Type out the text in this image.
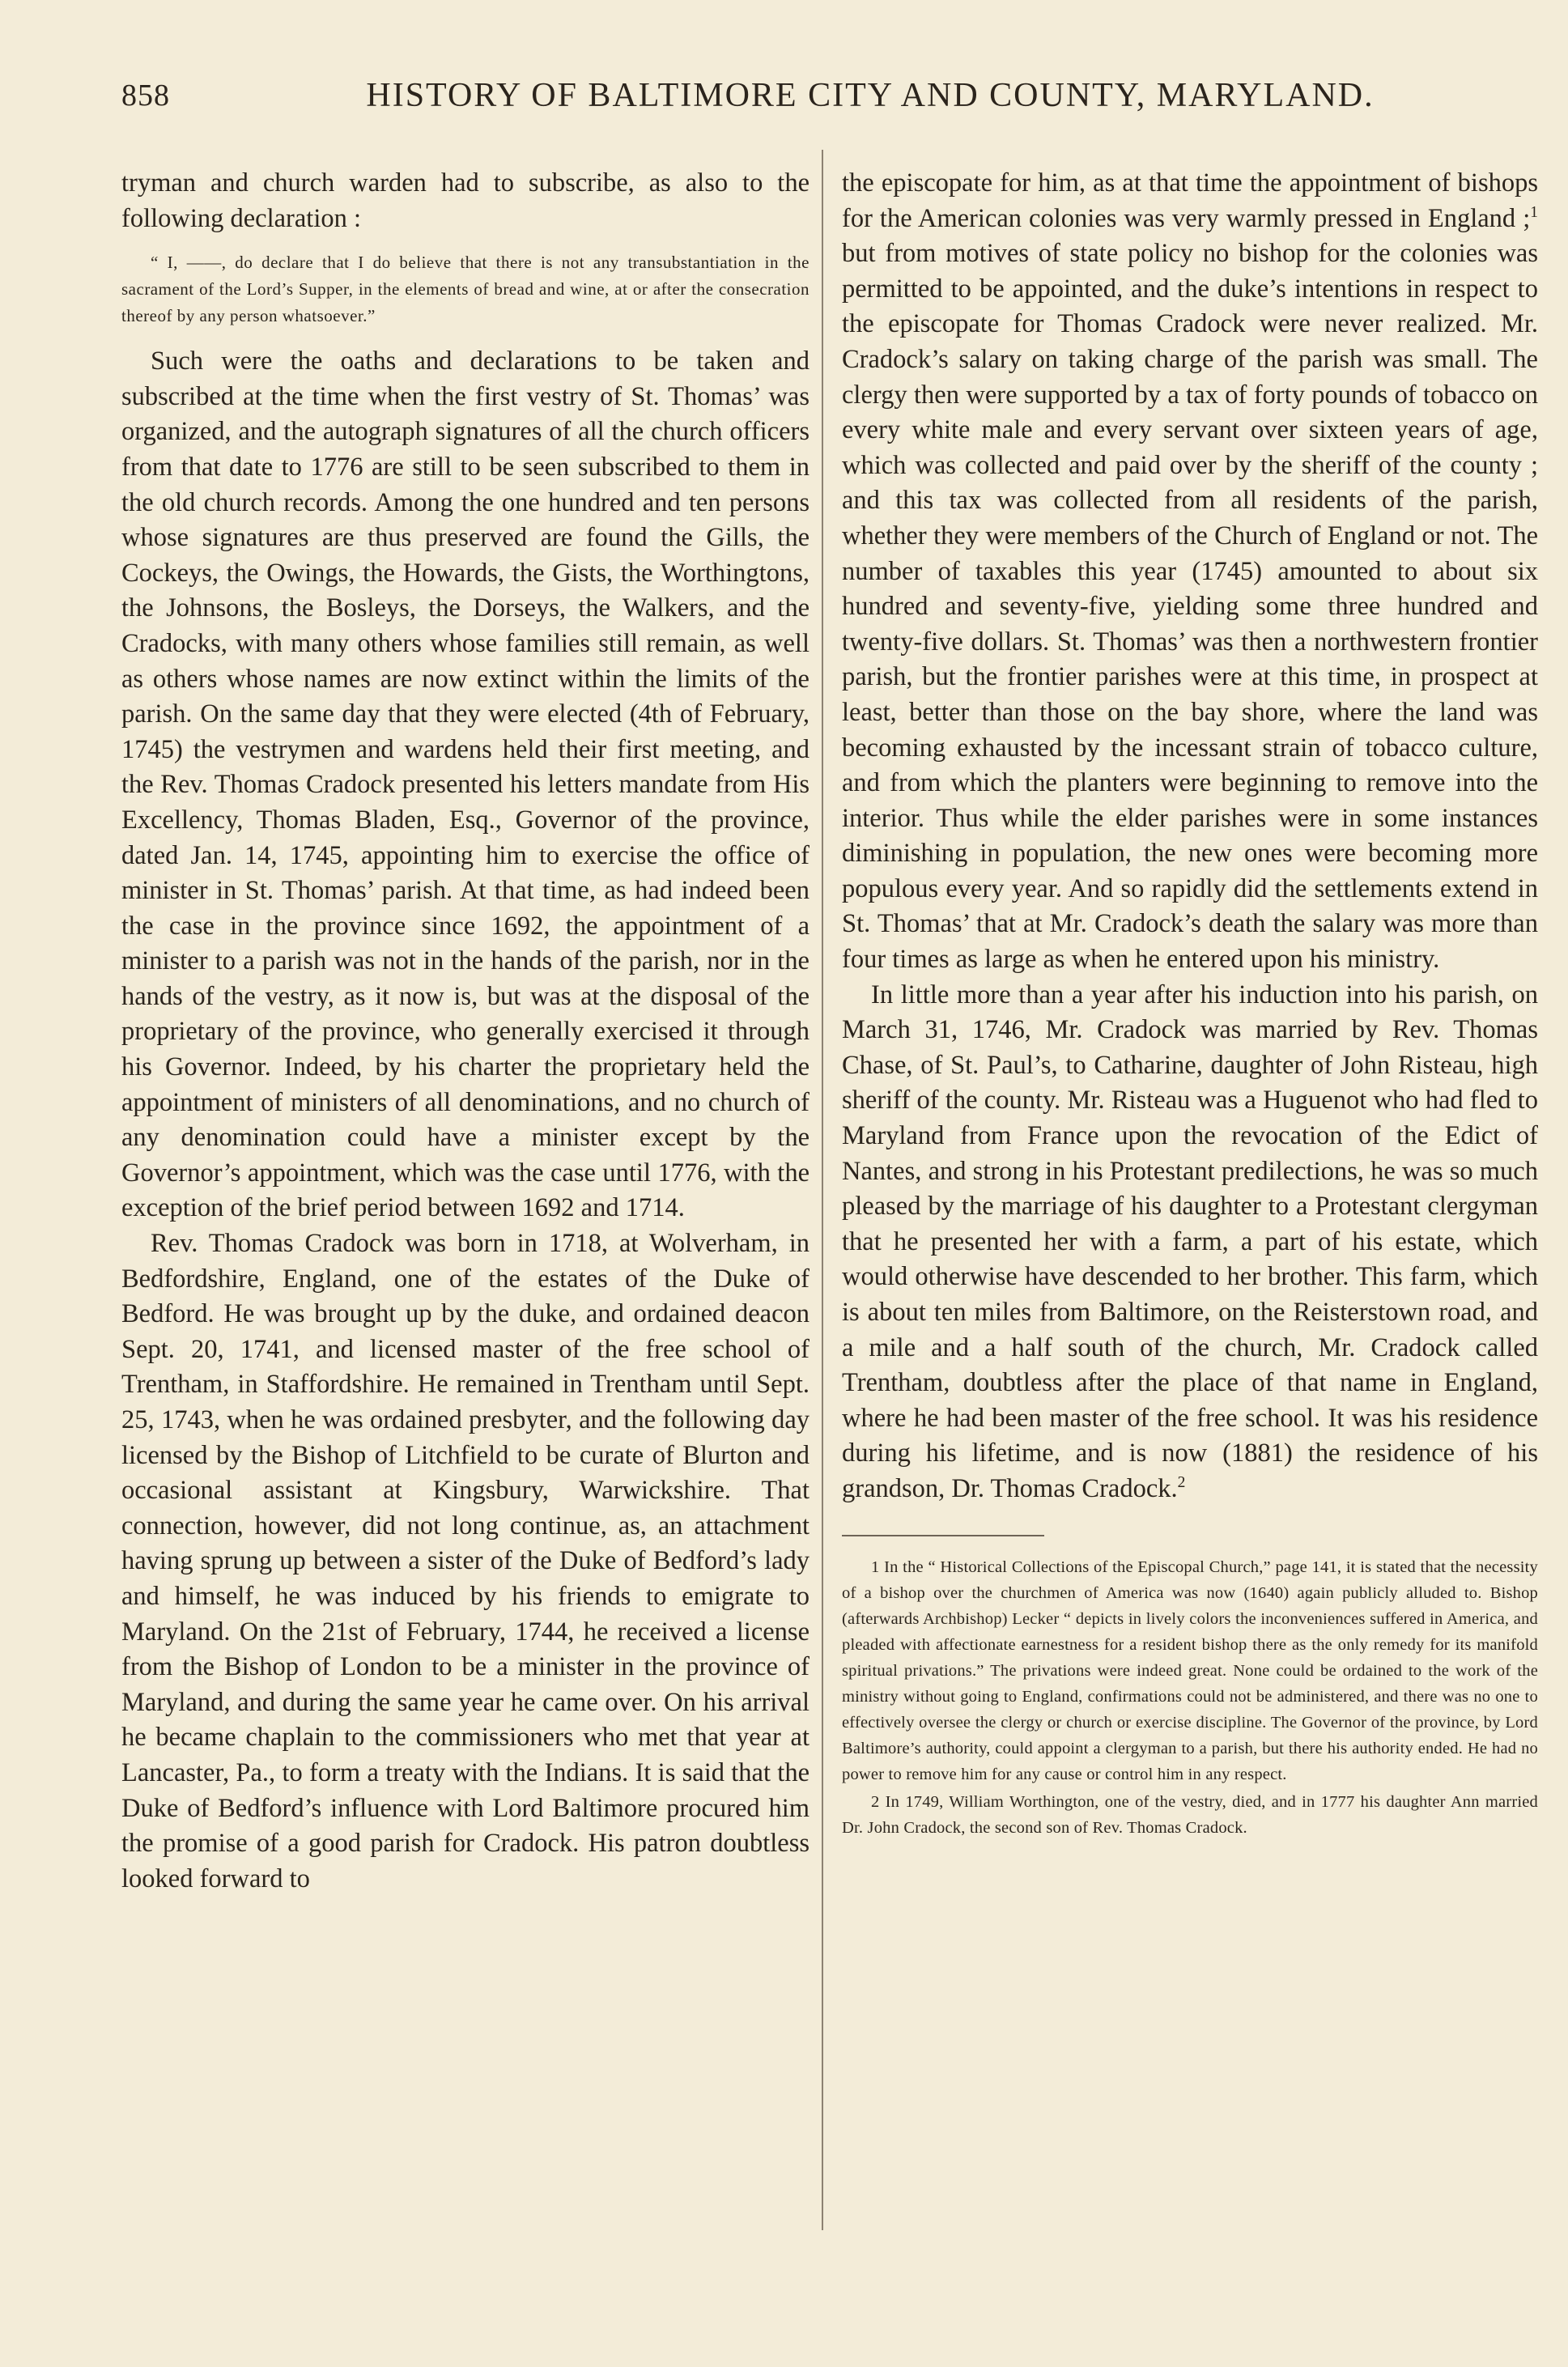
858	HISTORY OF BALTIMORE CITY AND COUNTY, MARYLAND.

tryman and church warden had to subscribe, as also to the following declaration :

“ I, ——, do declare that I do believe that there is not any transubstantiation in the sacrament of the Lord’s Supper, in the elements of bread and wine, at or after the consecration thereof by any person whatsoever.”

Such were the oaths and declarations to be taken and subscribed at the time when the first vestry of St. Thomas’ was organized, and the autograph signatures of all the church officers from that date to 1776 are still to be seen subscribed to them in the old church records. Among the one hundred and ten persons whose signatures are thus preserved are found the Gills, the Cockeys, the Owings, the Howards, the Gists, the Worthingtons, the Johnsons, the Bosleys, the Dorseys, the Walkers, and the Cradocks, with many others whose families still remain, as well as others whose names are now extinct within the limits of the parish. On the same day that they were elected (4th of February, 1745) the vestrymen and wardens held their first meeting, and the Rev. Thomas Cradock presented his letters mandate from His Excellency, Thomas Bladen, Esq., Governor of the province, dated Jan. 14, 1745, appointing him to exercise the office of minister in St. Thomas’ parish. At that time, as had indeed been the case in the province since 1692, the appointment of a minister to a parish was not in the hands of the parish, nor in the hands of the vestry, as it now is, but was at the disposal of the proprietary of the province, who generally exercised it through his Governor. Indeed, by his charter the proprietary held the appointment of ministers of all denominations, and no church of any denomination could have a minister except by the Governor’s appointment, which was the case until 1776, with the exception of the brief period between 1692 and 1714.

Rev. Thomas Cradock was born in 1718, at Wolverham, in Bedfordshire, England, one of the estates of the Duke of Bedford. He was brought up by the duke, and ordained deacon Sept. 20, 1741, and licensed master of the free school of Trentham, in Staffordshire. He remained in Trentham until Sept. 25, 1743, when he was ordained presbyter, and the following day licensed by the Bishop of Litchfield to be curate of Blurton and occasional assistant at Kingsbury, Warwickshire. That connection, however, did not long continue, as, an attachment having sprung up between a sister of the Duke of Bedford’s lady and himself, he was induced by his friends to emigrate to Maryland. On the 21st of February, 1744, he received a license from the Bishop of London to be a minister in the province of Maryland, and during the same year he came over. On his arrival he became chaplain to the commissioners who met that year at Lancaster, Pa., to form a treaty with the Indians. It is said that the Duke of Bedford’s influence with Lord Baltimore procured him the promise of a good parish for Cradock. His patron doubtless looked forward to

the episcopate for him, as at that time the appointment of bishops for the American colonies was very warmly pressed in England ;$^1$ but from motives of state policy no bishop for the colonies was permitted to be appointed, and the duke’s intentions in respect to the episcopate for Thomas Cradock were never realized. Mr. Cradock’s salary on taking charge of the parish was small. The clergy then were supported by a tax of forty pounds of tobacco on every white male and every servant over sixteen years of age, which was collected and paid over by the sheriff of the county ; and this tax was collected from all residents of the parish, whether they were members of the Church of England or not. The number of taxables this year (1745) amounted to about six hundred and seventy-five, yielding some three hundred and twenty-five dollars. St. Thomas’ was then a northwestern frontier parish, but the frontier parishes were at this time, in prospect at least, better than those on the bay shore, where the land was becoming exhausted by the incessant strain of tobacco culture, and from which the planters were beginning to remove into the interior. Thus while the elder parishes were in some instances diminishing in population, the new ones were becoming more populous every year. And so rapidly did the settlements extend in St. Thomas’ that at Mr. Cradock’s death the salary was more than four times as large as when he entered upon his ministry.

In little more than a year after his induction into his parish, on March 31, 1746, Mr. Cradock was married by Rev. Thomas Chase, of St. Paul’s, to Catharine, daughter of John Risteau, high sheriff of the county. Mr. Risteau was a Huguenot who had fled to Maryland from France upon the revocation of the Edict of Nantes, and strong in his Protestant predilections, he was so much pleased by the marriage of his daughter to a Protestant clergyman that he presented her with a farm, a part of his estate, which would otherwise have descended to her brother. This farm, which is about ten miles from Baltimore, on the Reisterstown road, and a mile and a half south of the church, Mr. Cradock called Trentham, doubtless after the place of that name in England, where he had been master of the free school. It was his residence during his lifetime, and is now (1881) the residence of his grandson, Dr. Thomas Cradock.$^2$

1 In the “ Historical Collections of the Episcopal Church,” page 141, it is stated that the necessity of a bishop over the churchmen of America was now (1640) again publicly alluded to. Bishop (afterwards Archbishop) Lecker “ depicts in lively colors the inconveniences suffered in America, and pleaded with affectionate earnestness for a resident bishop there as the only remedy for its manifold spiritual privations.” The privations were indeed great. None could be ordained to the work of the ministry without going to England, confirmations could not be administered, and there was no one to effectively oversee the clergy or church or exercise discipline. The Governor of the province, by Lord Baltimore’s authority, could appoint a clergyman to a parish, but there his authority ended. He had no power to remove him for any cause or control him in any respect.

2 In 1749, William Worthington, one of the vestry, died, and in 1777 his daughter Ann married Dr. John Cradock, the second son of Rev. Thomas Cradock.
